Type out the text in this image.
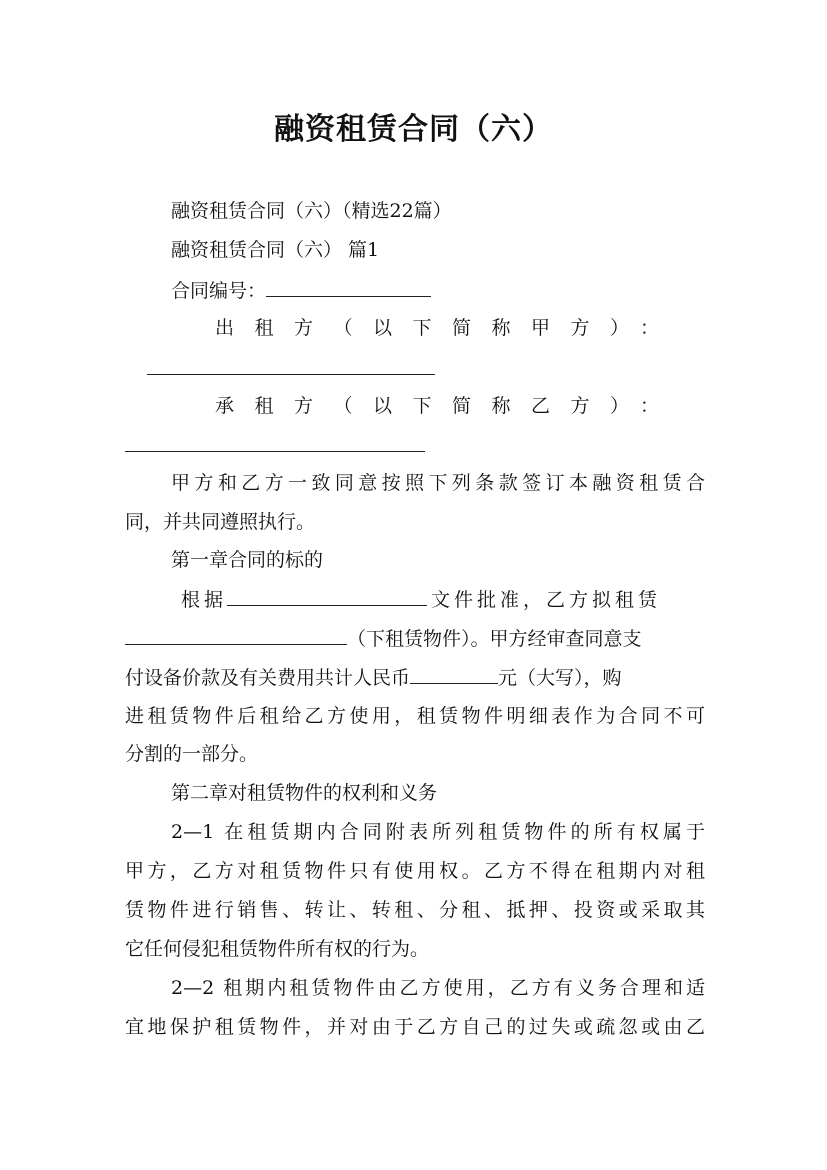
融资租赁合同（六）
融资租赁合同（六）（精选22篇）
融资租赁合同（六） 篇1
合同编号：
出租方（以下简称甲方）：
承租方（以下简称乙方）：
甲方和乙方一致同意按照下列条款签订本融资租赁合
同，并共同遵照执行。
第一章合同的标的
根据	文件批准，乙方拟租赁
（下租赁物件）。甲方经审查同意支
付设备价款及有关费用共计人民币	元（大写），购
进租赁物件后租给乙方使用，租赁物件明细表作为合同不可
分割的一部分。
第二章对租赁物件的权利和义务
2—1 在租赁期内合同附表所列租赁物件的所有权属于
甲方，乙方对租赁物件只有使用权。乙方不得在租期内对租
赁物件进行销售、转让、转租、分租、抵押、投资或采取其
它任何侵犯租赁物件所有权的行为。
2—2 租期内租赁物件由乙方使用，乙方有义务合理和适
宜地保护租赁物件，并对由于乙方自己的过失或疏忽或由乙
